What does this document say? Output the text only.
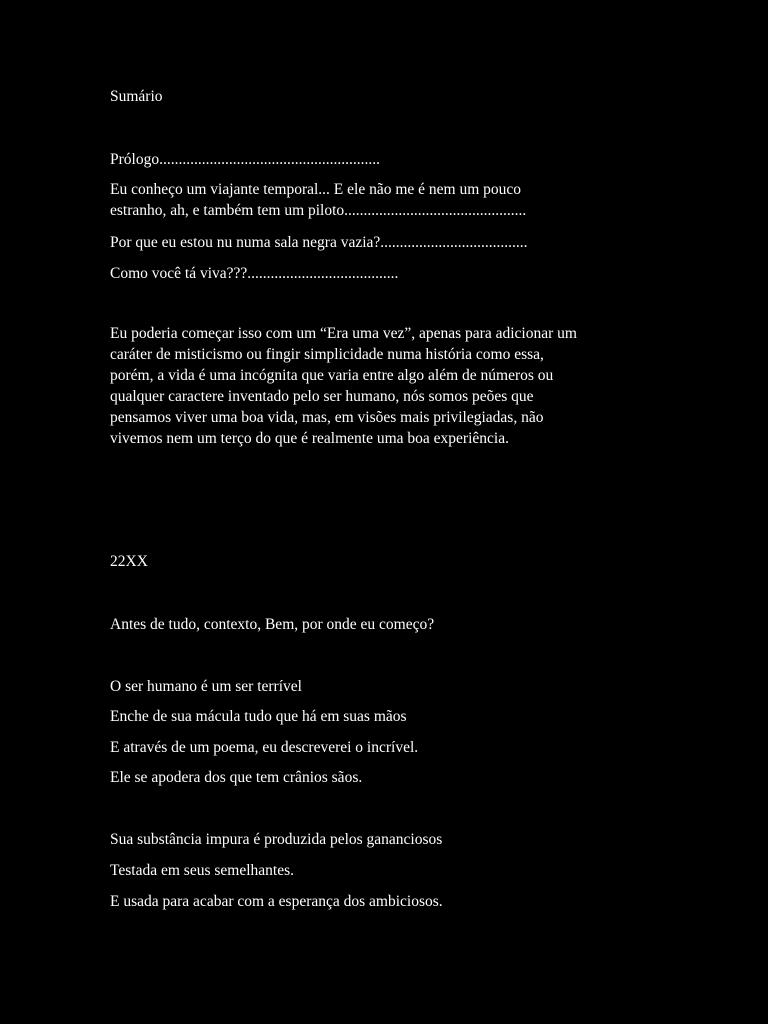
Sumário
Prólogo.........................................................
Eu conheço um viajante temporal... E ele não me é nem um pouco
estranho, ah, e também tem um piloto...............................................
Por que eu estou nu numa sala negra vazia?......................................
Como você tá viva???.......................................
Eu poderia começar isso com um “Era uma vez”, apenas para adicionar um
caráter de misticismo ou fingir simplicidade numa história como essa,
porém, a vida é uma incógnita que varia entre algo além de números ou
qualquer caractere inventado pelo ser humano, nós somos peões que
pensamos viver uma boa vida, mas, em visões mais privilegiadas, não
vivemos nem um terço do que é realmente uma boa experiência.
22XX
Antes de tudo, contexto, Bem, por onde eu começo?
O ser humano é um ser terrível
Enche de sua mácula tudo que há em suas mãos
E através de um poema, eu descreverei o incrível.
Ele se apodera dos que tem crânios sãos.
Sua substância impura é produzida pelos gananciosos
Testada em seus semelhantes.
E usada para acabar com a esperança dos ambiciosos.
